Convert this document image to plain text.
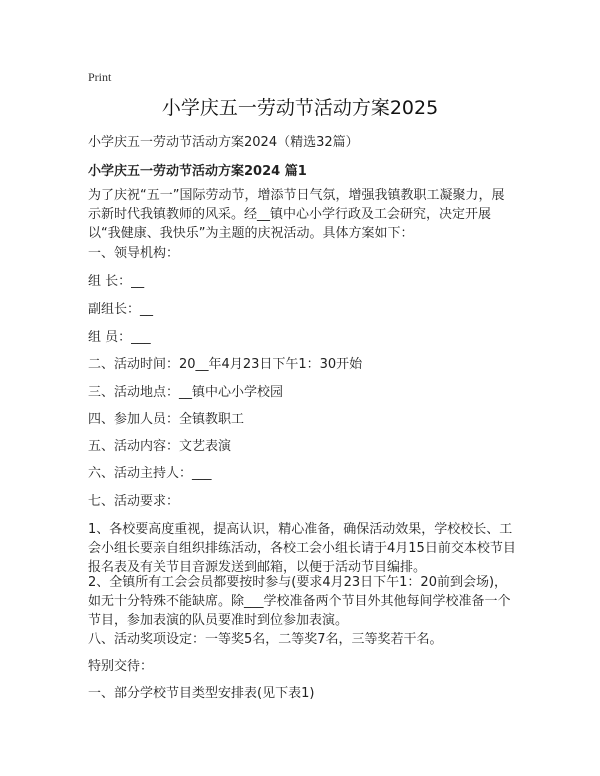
Print
小学庆五一劳动节活动方案2025
小学庆五一劳动节活动方案2024（精选32篇）
小学庆五一劳动节活动方案2024 篇1
为了庆祝“五一”国际劳动节，增添节日气氛，增强我镇教职工凝聚力，展示新时代我镇教师的风采。经__镇中心小学行政及工会研究，决定开展以“我健康、我快乐”为主题的庆祝活动。具体方案如下：
一、领导机构：
组 长：__
副组长：__
组 员：___
二、活动时间：20__年4月23日下午1：30开始
三、活动地点：__镇中心小学校园
四、参加人员：全镇教职工
五、活动内容：文艺表演
六、活动主持人：___
七、活动要求：
1、各校要高度重视，提高认识，精心准备，确保活动效果，学校校长、工会小组长要亲自组织排练活动，各校工会小组长请于4月15日前交本校节目报名表及有关节目音源发送到邮箱，以便于活动节目编排。
2、全镇所有工会会员都要按时参与(要求4月23日下午1：20前到会场)，如无十分特殊不能缺席。除___学校准备两个节目外其他每间学校准备一个节目，参加表演的队员要准时到位参加表演。
八、活动奖项设定：一等奖5名，二等奖7名，三等奖若干名。
特别交待：
一、部分学校节目类型安排表(见下表1)
